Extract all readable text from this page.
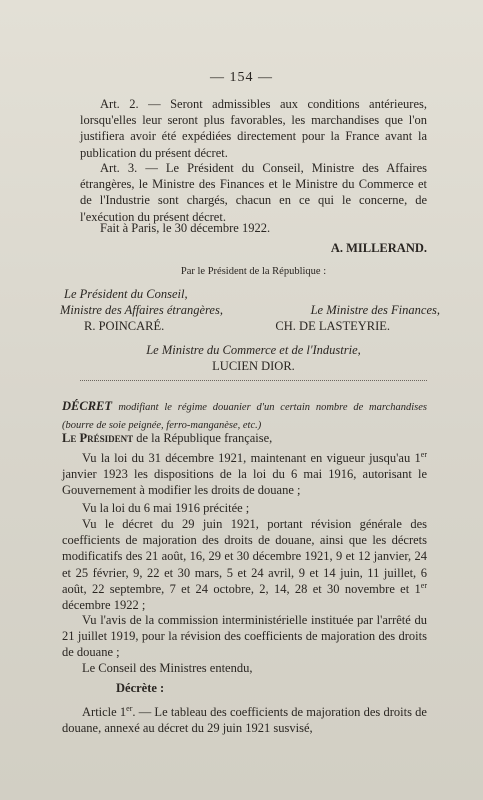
— 154 —

Art. 2. — Seront admissibles aux conditions antérieures, lorsqu'elles leur seront plus favorables, les marchandises que l'on justifiera avoir été expédiées directement pour la France avant la publication du présent décret.

Art. 3. — Le Président du Conseil, Ministre des Affaires étrangères, le Ministre des Finances et le Ministre du Commerce et de l'Industrie sont chargés, chacun en ce qui le concerne, de l'exécution du présent décret.

Fait à Paris, le 30 décembre 1922.

A. MILLERAND.
Par le Président de la République :
Le Président du Conseil,
Ministre des Affaires étrangères,	Le Ministre des Finances,
R. POINCARÉ.	CH. DE LASTEYRIE.
Le Ministre du Commerce et de l'Industrie,
LUCIEN DIOR.
DÉCRET modifiant le régime douanier d'un certain nombre de marchandises (bourre de soie peignée, ferro-manganèse, etc.)
Le Président de la République française,

Vu la loi du 31 décembre 1921, maintenant en vigueur jusqu'au 1er janvier 1923 les dispositions de la loi du 6 mai 1916, autorisant le Gouvernement à modifier les droits de douane ;

Vu la loi du 6 mai 1916 précitée ;

Vu le décret du 29 juin 1921, portant révision générale des coefficients de majoration des droits de douane, ainsi que les décrets modificatifs des 21 août, 16, 29 et 30 décembre 1921, 9 et 12 janvier, 24 et 25 février, 9, 22 et 30 mars, 5 et 24 avril, 9 et 14 juin, 11 juillet, 6 août, 22 septembre, 7 et 24 octobre, 2, 14, 28 et 30 novembre et 1er décembre 1922 ;

Vu l'avis de la commission interministérielle instituée par l'arrêté du 21 juillet 1919, pour la révision des coefficients de majoration des droits de douane ;

Le Conseil des Ministres entendu,

Décrète :

Article 1er. — Le tableau des coefficients de majoration des droits de douane, annexé au décret du 29 juin 1921 susvisé,
